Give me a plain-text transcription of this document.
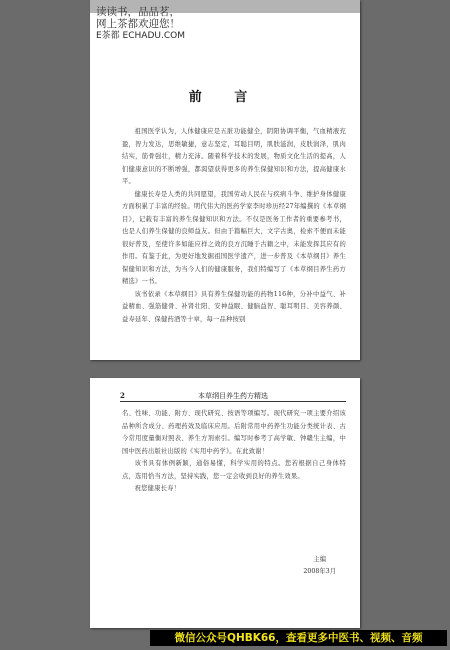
读读书，品品茗，
网上茶都欢迎您！
E茶都 ECHADU.COM
前 言

祖国医学认为，人体健康应是五脏功能健全，阴阳协调平衡，气血精液充盈，智力发达，思维敏捷，意志坚定，耳聪目明，肌肤滋润，皮肤润泽，肌肉结实，筋骨强壮，精力充沛。随着科学技术的发展，物质文化生活的提高，人们健康意识的不断增强，都渴望获得更多的养生保健知识和方法，提高健康水平。

健康长寿是人类的共同愿望，我国劳动人民在与疾病斗争、维护身体健康方面积累了丰富的经验。明代伟大的医药学家李时珍历经27年编撰的《本草纲目》，记载有丰富的养生保健知识和方法。不仅是医务工作者的重要参考书，也是人们养生保健的良师益友。但由于篇幅巨大，文字古奥，检索不便而未能很好普及，至使许多如能应样之效的良方沉睡于古籍之中，未能发挥其应有的作用。有鉴于此，为更好地发掘祖国医学遗产，进一步普及《本草纲目》养生保健知识和方法，为当今人们的健康服务，我们特编写了《本草纲目养生药方精选》一书。

该书依录《本草纲目》具有养生保健功能的药物116种，分补中益气、补益精血、强筋健骨、补肾壮阳、安神益眠、健脑益智、聪耳明目、美容养颜、益寿延年、保健药酒等十章，每一品种按别

2	本草纲目养生药方精选

名、性味、功能、附方、现代研究、按语等项编写。现代研究一项主要介绍该品种所含成分、药理药效及临床应用。后附常用中药养生功能分类统计表、古今常用度量衡对照表、养生方剂索引。编写时参考了高学敏、钟赣生主编，中国中医药出版社出版的《实用中药学》。在此致谢！

该书具有体例新颖，通俗易懂，科学实用的特点。您若根据自己身体特点，选用恰当方法，坚持实践，您一定会收到良好的养生效果。

祝您健康长寿！

主编
2008年3月
微信公众号QHBK66，查看更多中医书、视频、音频
